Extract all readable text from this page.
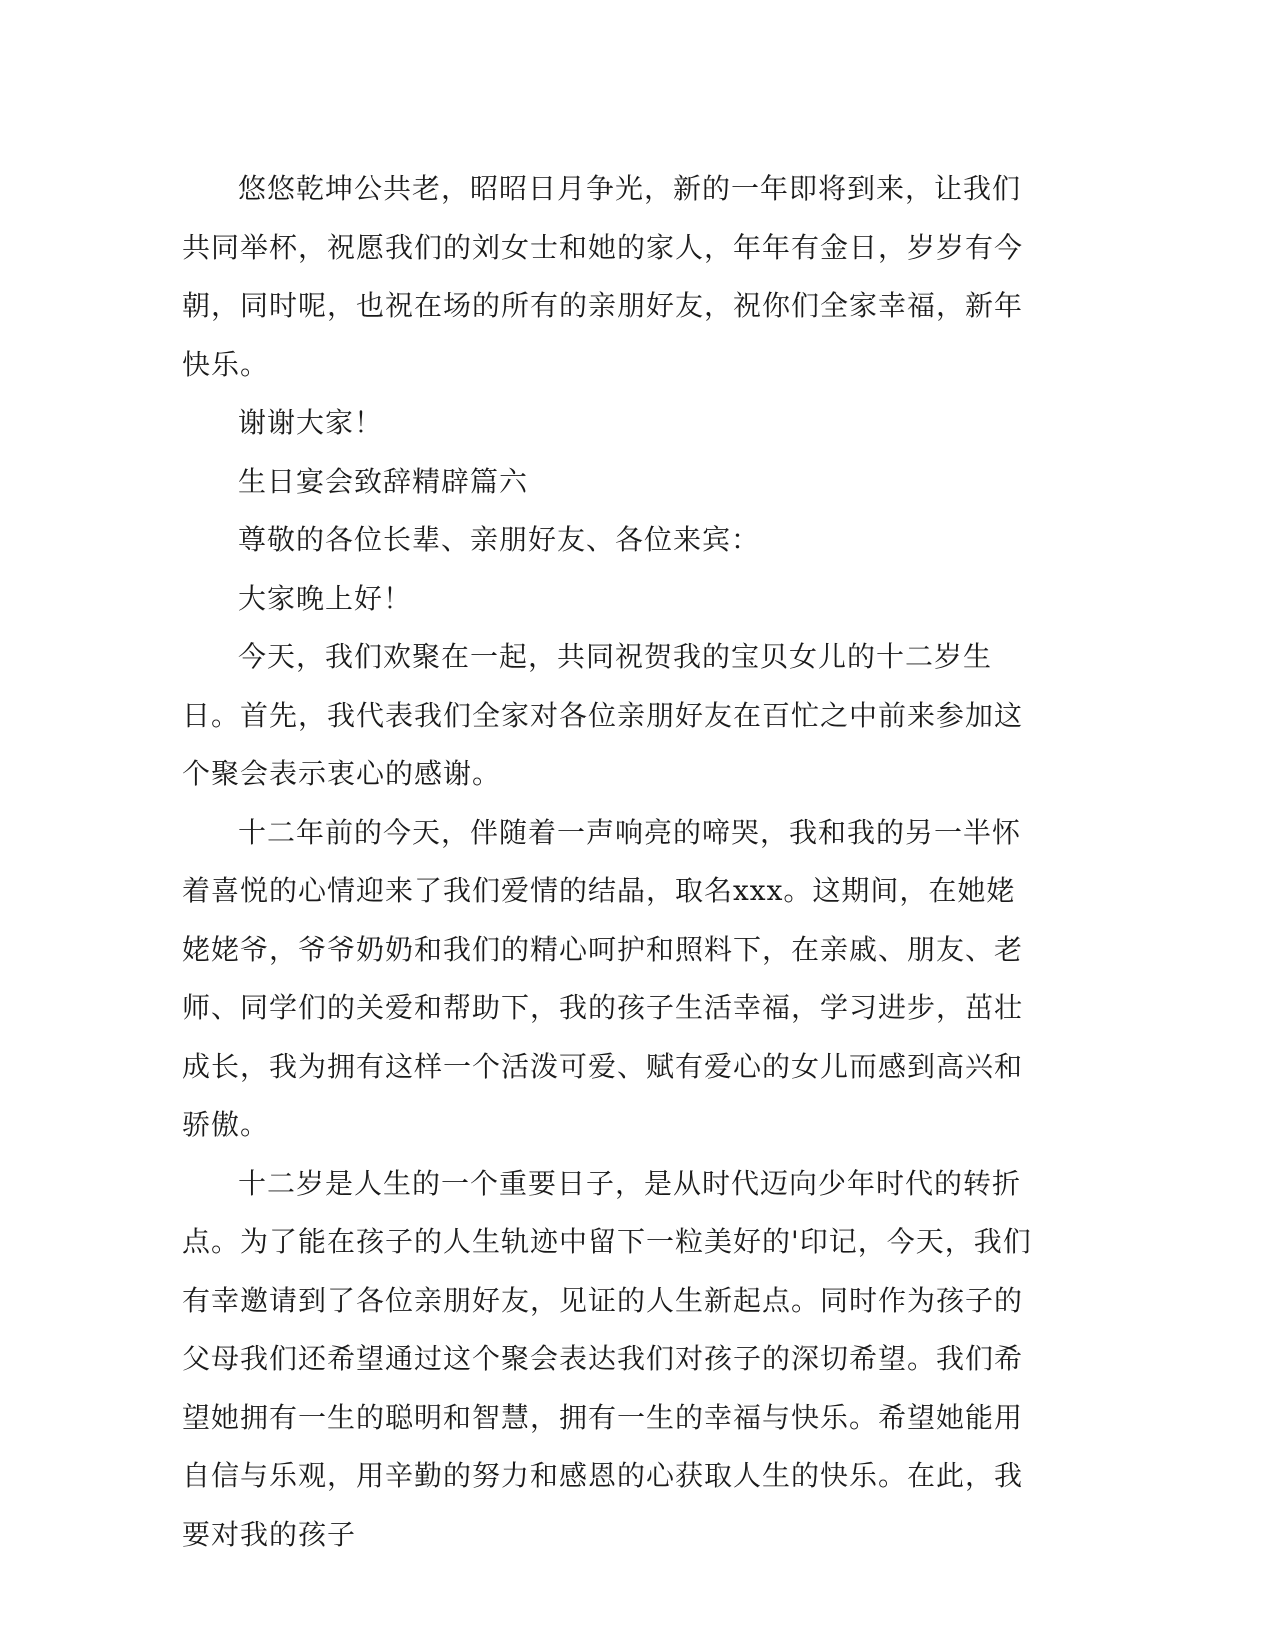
悠悠乾坤公共老，昭昭日月争光，新的一年即将到来，让我们共同举杯，祝愿我们的刘女士和她的家人，年年有金日，岁岁有今朝，同时呢，也祝在场的所有的亲朋好友，祝你们全家幸福，新年快乐。

谢谢大家！

生日宴会致辞精辟篇六

尊敬的各位长辈、亲朋好友、各位来宾：

大家晚上好！

今天，我们欢聚在一起，共同祝贺我的宝贝女儿的十二岁生日。首先，我代表我们全家对各位亲朋好友在百忙之中前来参加这个聚会表示衷心的感谢。

十二年前的今天，伴随着一声响亮的啼哭，我和我的另一半怀着喜悦的心情迎来了我们爱情的结晶，取名xxx。这期间，在她姥姥姥爷，爷爷奶奶和我们的精心呵护和照料下，在亲戚、朋友、老师、同学们的关爱和帮助下，我的孩子生活幸福，学习进步，茁壮成长，我为拥有这样一个活泼可爱、赋有爱心的女儿而感到高兴和骄傲。

十二岁是人生的一个重要日子，是从时代迈向少年时代的转折点。为了能在孩子的人生轨迹中留下一粒美好的'印记，今天，我们有幸邀请到了各位亲朋好友，见证的人生新起点。同时作为孩子的父母我们还希望通过这个聚会表达我们对孩子的深切希望。我们希望她拥有一生的聪明和智慧，拥有一生的幸福与快乐。希望她能用自信与乐观，用辛勤的努力和感恩的心获取人生的快乐。在此，我要对我的孩子
